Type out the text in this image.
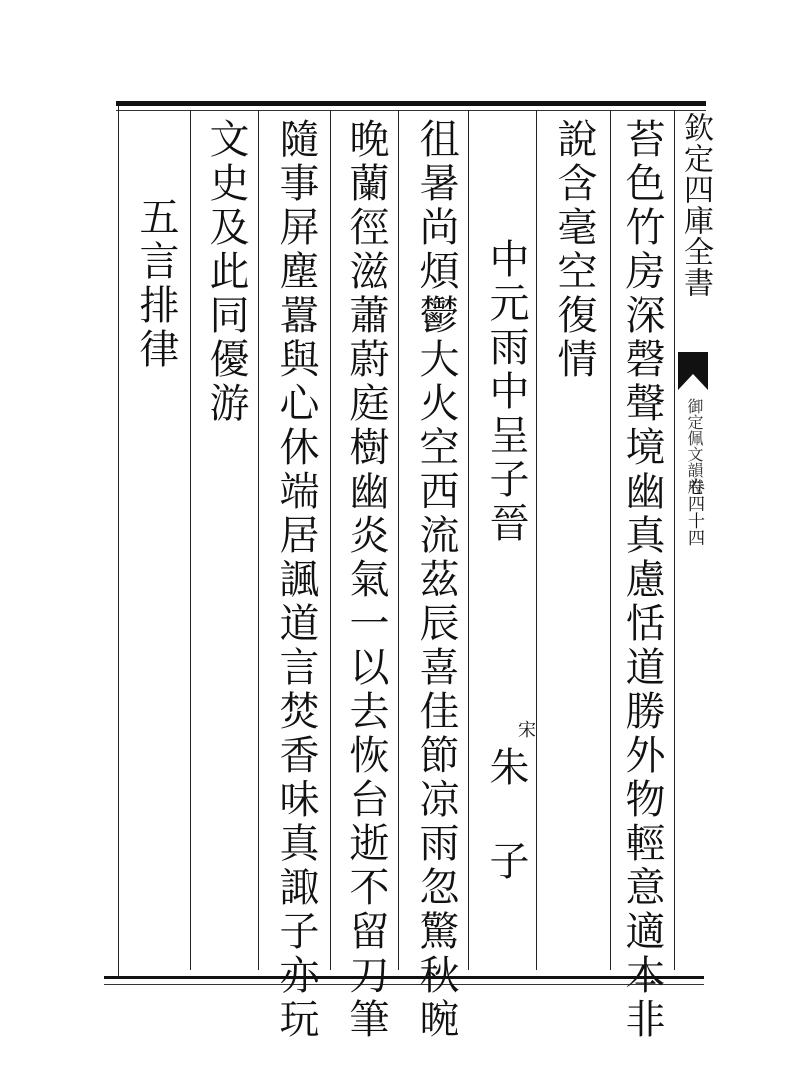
欽定四庫全書
御定佩文韻府
卷四十四
苔色竹房深磬聲境幽真慮恬道勝外物輕意適本非
說含毫空復情
中元雨中呈子晉
宋
朱 子
徂暑尚煩鬱大火空西流茲辰喜佳節凉雨忽驚秋晼
晚蘭徑滋蕭蔚庭樹幽炎氣一以去恢台逝不留刀筆
隨事屏塵囂與心休端居諷道言焚香味真諏子亦玩
文史及此同優游
五言排律
